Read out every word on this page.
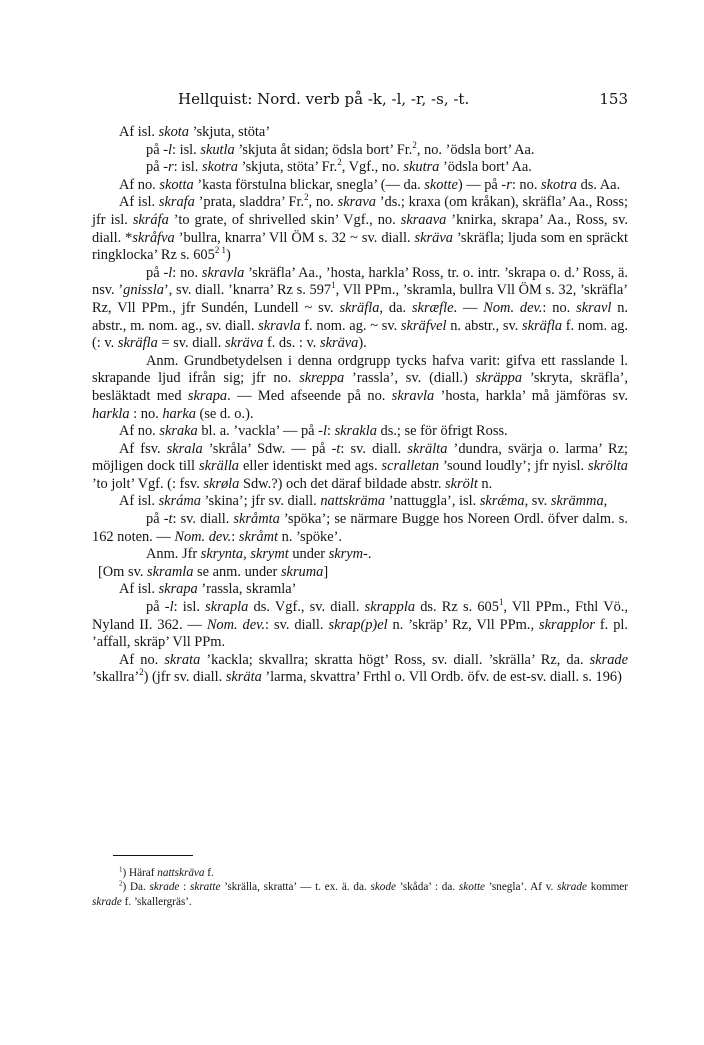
Hellquist: Nord. verb på -k, -l, -r, -s, -t.	153

Af isl. skota ’skjuta, stöta’

på -l: isl. skutla ’skjuta åt sidan; ödsla bort’ Fr.$^2$, no. ’ödsla bort’ Aa.

på -r: isl. skotra ’skjuta, stöta’ Fr.$^2$, Vgf., no. skutra ’ödsla bort’ Aa.

Af no. skotta ’kasta förstulna blickar, snegla’ (— da. skotte) — på -r: no. skotra ds. Aa.

Af isl. skrafa ’prata, sladdra’ Fr.$^2$, no. skrava ’ds.; kraxa (om kråkan), skräfla’ Aa., Ross; jfr isl. skráfa ’to grate, of shrivelled skin’ Vgf., no. skraava ’knirka, skrapa’ Aa., Ross, sv. diall. *skråfva ’bullra, knarra’ Vll ÖM s. 32 ~ sv. diall. skräva ’skräfla; ljuda som en spräckt ringklocka’ Rz s. $605^{2 1}$)

på -l: no. skravla ’skräfla’ Aa., ’hosta, harkla’ Ross, tr. o. intr. ’skrapa o. d.’ Ross, ä. nsv. ’gnissla’, sv. diall. ’knarra’ Rz s. $597^1$, Vll PPm., ’skramla, bullra Vll ÖM s. 32, ’skräfla’ Rz, Vll PPm., jfr Sundén, Lundell ~ sv. skräfla, da. skræfle. — Nom. dev.: no. skravl n. abstr., m. nom. ag., sv. diall. skravla f. nom. ag. ~ sv. skräfvel n. abstr., sv. skräfla f. nom. ag. (: v. skräfla = sv. diall. skräva f. ds. : v. skräva).

Anm. Grundbetydelsen i denna ordgrupp tycks hafva varit: gifva ett rasslande l. skrapande ljud ifrån sig; jfr no. skreppa ’rassla’, sv. (diall.) skräppa ’skryta, skräfla’, besläktadt med skrapa. — Med afseende på no. skravla ’hosta, harkla’ må jämföras sv. harkla : no. harka (se d. o.).

Af no. skraka bl. a. ’vackla’ — på -l: skrakla ds.; se för öfrigt Ross.

Af fsv. skrala ’skråla’ Sdw. — på -t: sv. diall. skrälta ’dundra, svärja o. larma’ Rz; möjligen dock till skrälla eller identiskt med ags. scralletan ’sound loudly’; jfr nyisl. skrölta ’to jolt’ Vgf. (: fsv. skrøla Sdw.?) och det däraf bildade abstr. skrölt n.

Af isl. skráma ’skina’; jfr sv. diall. nattskräma ’nattuggla’, isl. skrǽma, sv. skrämma,

på -t: sv. diall. skråmta ’spöka’; se närmare Bugge hos Noreen Ordl. öfver dalm. s. 162 noten. — Nom. dev.: skråmt n. ’spöke’.

Anm. Jfr skrynta, skrymt under skrym-.

[Om sv. skramla se anm. under skruma]

Af isl. skrapa ’rassla, skramla’

på -l: isl. skrapla ds. Vgf., sv. diall. skrappla ds. Rz s. $605^1$, Vll PPm., Fthl Vö., Nyland II. 362. — Nom. dev.: sv. diall. skrap(p)el n. ’skräp’ Rz, Vll PPm., skrapplor f. pl. ’affall, skräp’ Vll PPm.

Af no. skrata ’kackla; skvallra; skratta högt’ Ross, sv. diall. ’skrälla’ Rz, da. skrade ’skallra’$^2$) (jfr sv. diall. skräta ’larma, skvattra’ Frthl o. Vll Ordb. öfv. de est-sv. diall. s. 196)

$^1$) Häraf nattskräva f.

$^2$) Da. skrade : skratte ’skrälla, skratta’ — t. ex. ä. da. skode ’skåda’ : da. skotte ’snegla’. Af v. skrade kommer skrade f. ’skallergräs’.
